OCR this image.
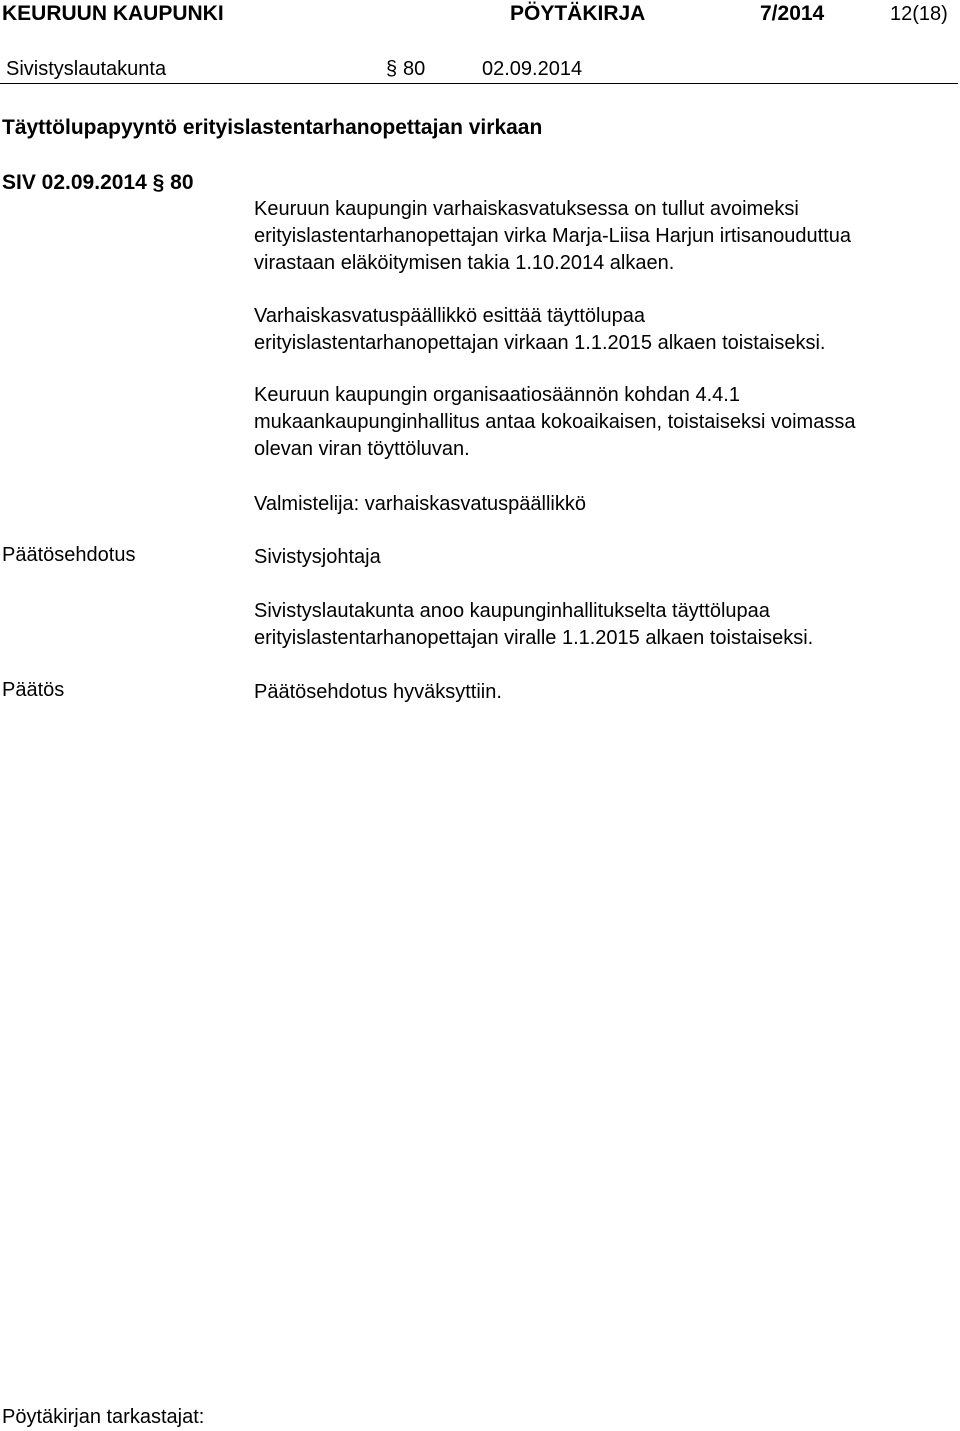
KEURUUN KAUPUNKI	PÖYTÄKIRJA	7/2014	12(18)
Sivistyslautakunta	§ 80	02.09.2014
Täyttölupapyyntö erityislastentarhanopettajan virkaan
SIV 02.09.2014 § 80
Keuruun kaupungin varhaiskasvatuksessa on tullut avoimeksi
erityislastentarhanopettajan virka Marja-Liisa Harjun irtisanouduttua
virastaan eläköitymisen takia 1.10.2014 alkaen.
Varhaiskasvatuspäällikkö esittää täyttölupaa
erityislastentarhanopettajan virkaan 1.1.2015 alkaen toistaiseksi.
Keuruun kaupungin organisaatiosäännön kohdan 4.4.1
mukaankaupunginhallitus antaa kokoaikaisen, toistaiseksi voimassa
olevan viran töyttöluvan.
Valmistelija: varhaiskasvatuspäällikkö
Päätösehdotus	Sivistysjohtaja
Sivistyslautakunta anoo kaupunginhallitukselta täyttölupaa
erityislastentarhanopettajan viralle 1.1.2015 alkaen toistaiseksi.
Päätös	Päätösehdotus hyväksyttiin.
Pöytäkirjan tarkastajat:
